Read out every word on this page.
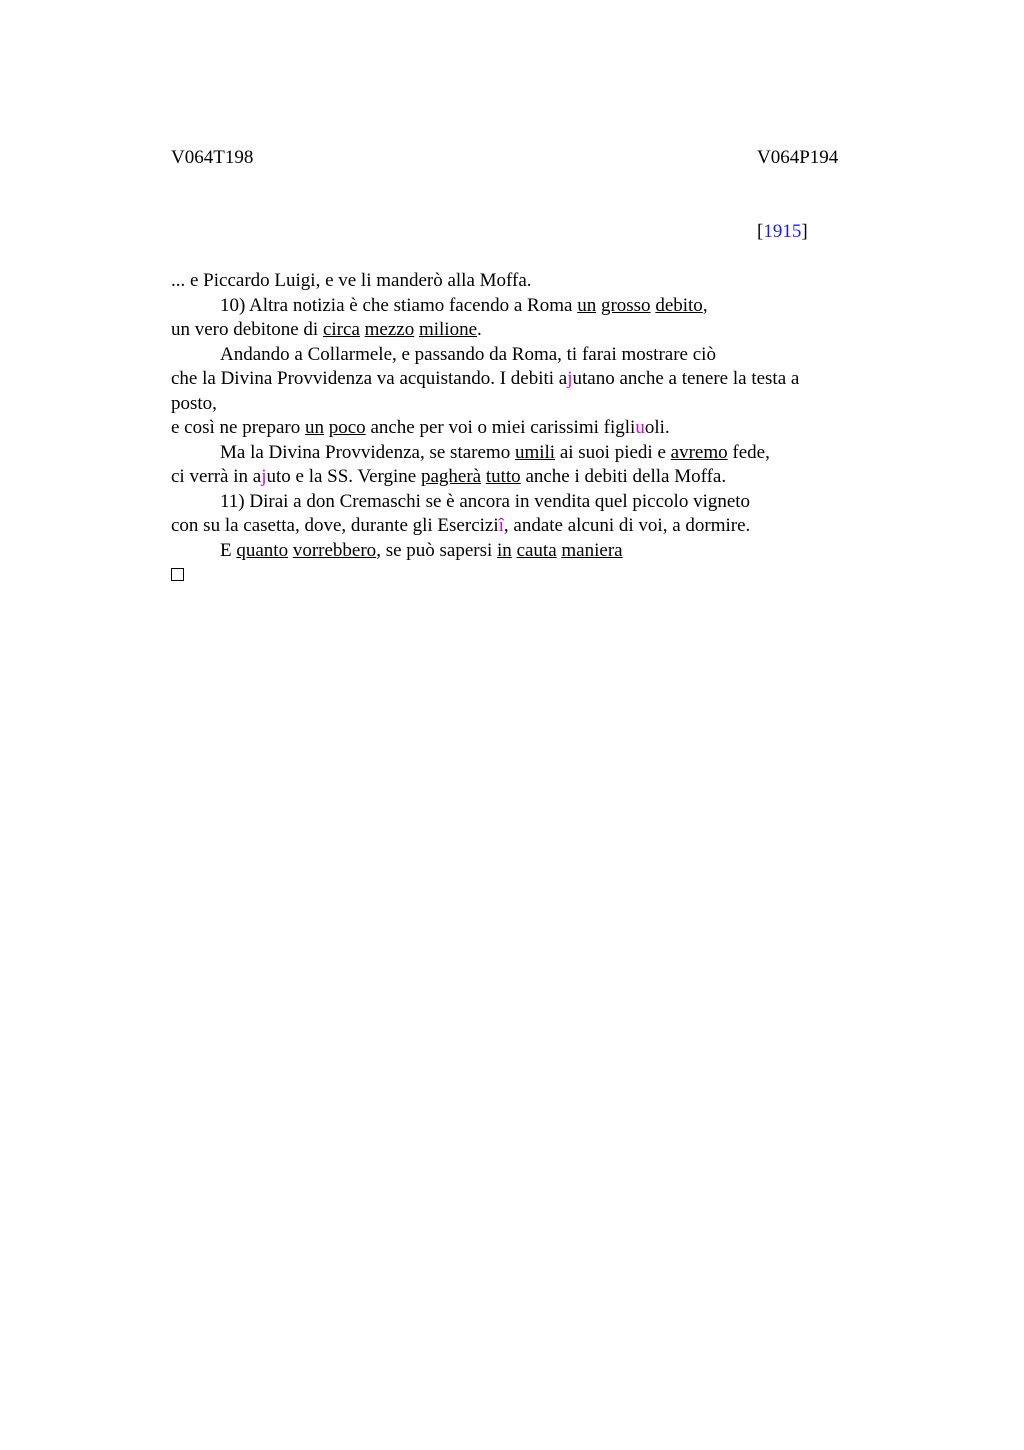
V064T198	V064P194
[1915]
... e Piccardo Luigi, e ve li manderò alla Moffa.
10) Altra notizia è che stiamo facendo a Roma un grosso debito,
un vero debitone di circa mezzo milione.
Andando a Collarmele, e passando da Roma, ti farai mostrare ciò
che la Divina Provvidenza va acquistando. I debiti ajutano anche a tenere la testa a
posto,
e così ne preparo un poco anche per voi o miei carissimi figliuoli.
Ma la Divina Provvidenza, se staremo umili ai suoi piedi e avremo fede,
ci verrà in ajuto e la SS. Vergine pagherà tutto anche i debiti della Moffa.
11) Dirai a don Cremaschi se è ancora in vendita quel piccolo vigneto
con su la casetta, dove, durante gli Eserciziî, andate alcuni di voi, a dormire.
E quanto vorrebbero, se può sapersi in cauta maniera
